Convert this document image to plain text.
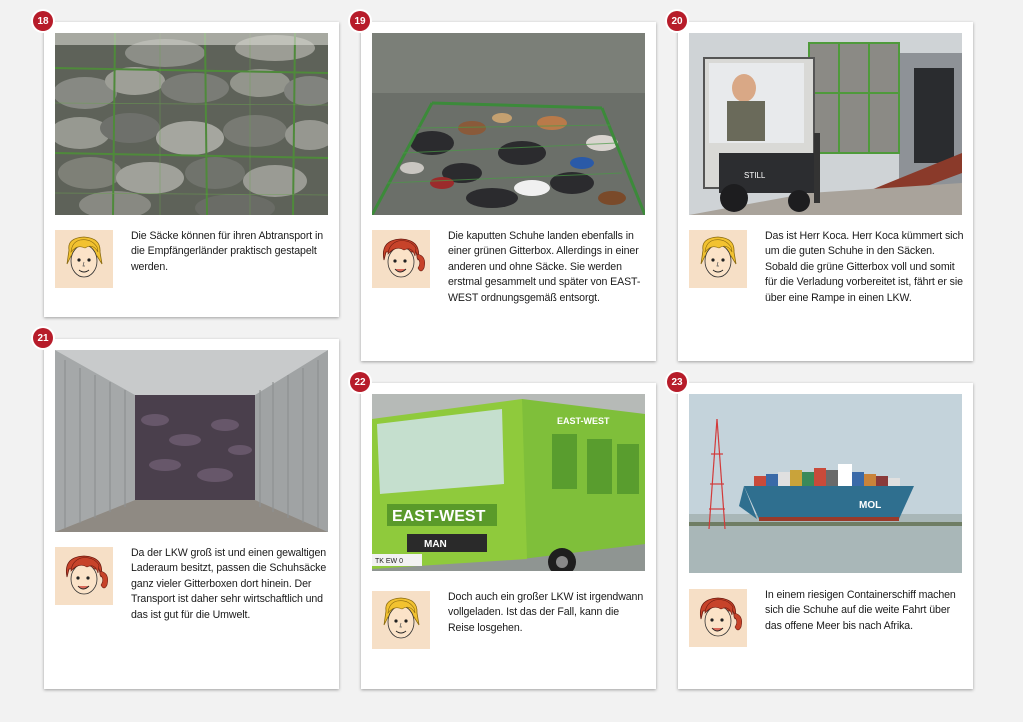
Die Säcke können für ihren Abtransport in die Empfängerländer praktisch gestapelt werden.
18
Die kaputten Schuhe landen ebenfalls in einer grünen Gitterbox. Allerdings in einer anderen und ohne Säcke. Sie werden erstmal gesammelt und später von EAST-WEST ordnungsgemäß entsorgt.
19
STILL
Das ist Herr Koca. Herr Koca kümmert sich um die guten Schuhe in den Säcken. Sobald die grüne Gitterbox voll und somit für die Verladung vorbereitet ist, fährt er sie über eine Rampe in einen LKW.
20
Da der LKW groß ist und einen gewaltigen Laderaum besitzt, passen die Schuhsäcke ganz vieler Gitterboxen dort hinein. Der Transport ist daher sehr wirtschaftlich und das ist gut für die Umwelt.
21
EAST-WEST
MAN
TK EW 0
EAST-WEST
Doch auch ein großer LKW ist irgendwann vollgeladen. Ist das der Fall, kann die Reise losgehen.
22
MOL
In einem riesigen Containerschiff machen sich die Schuhe auf die weite Fahrt über das offene Meer bis nach Afrika.
23
